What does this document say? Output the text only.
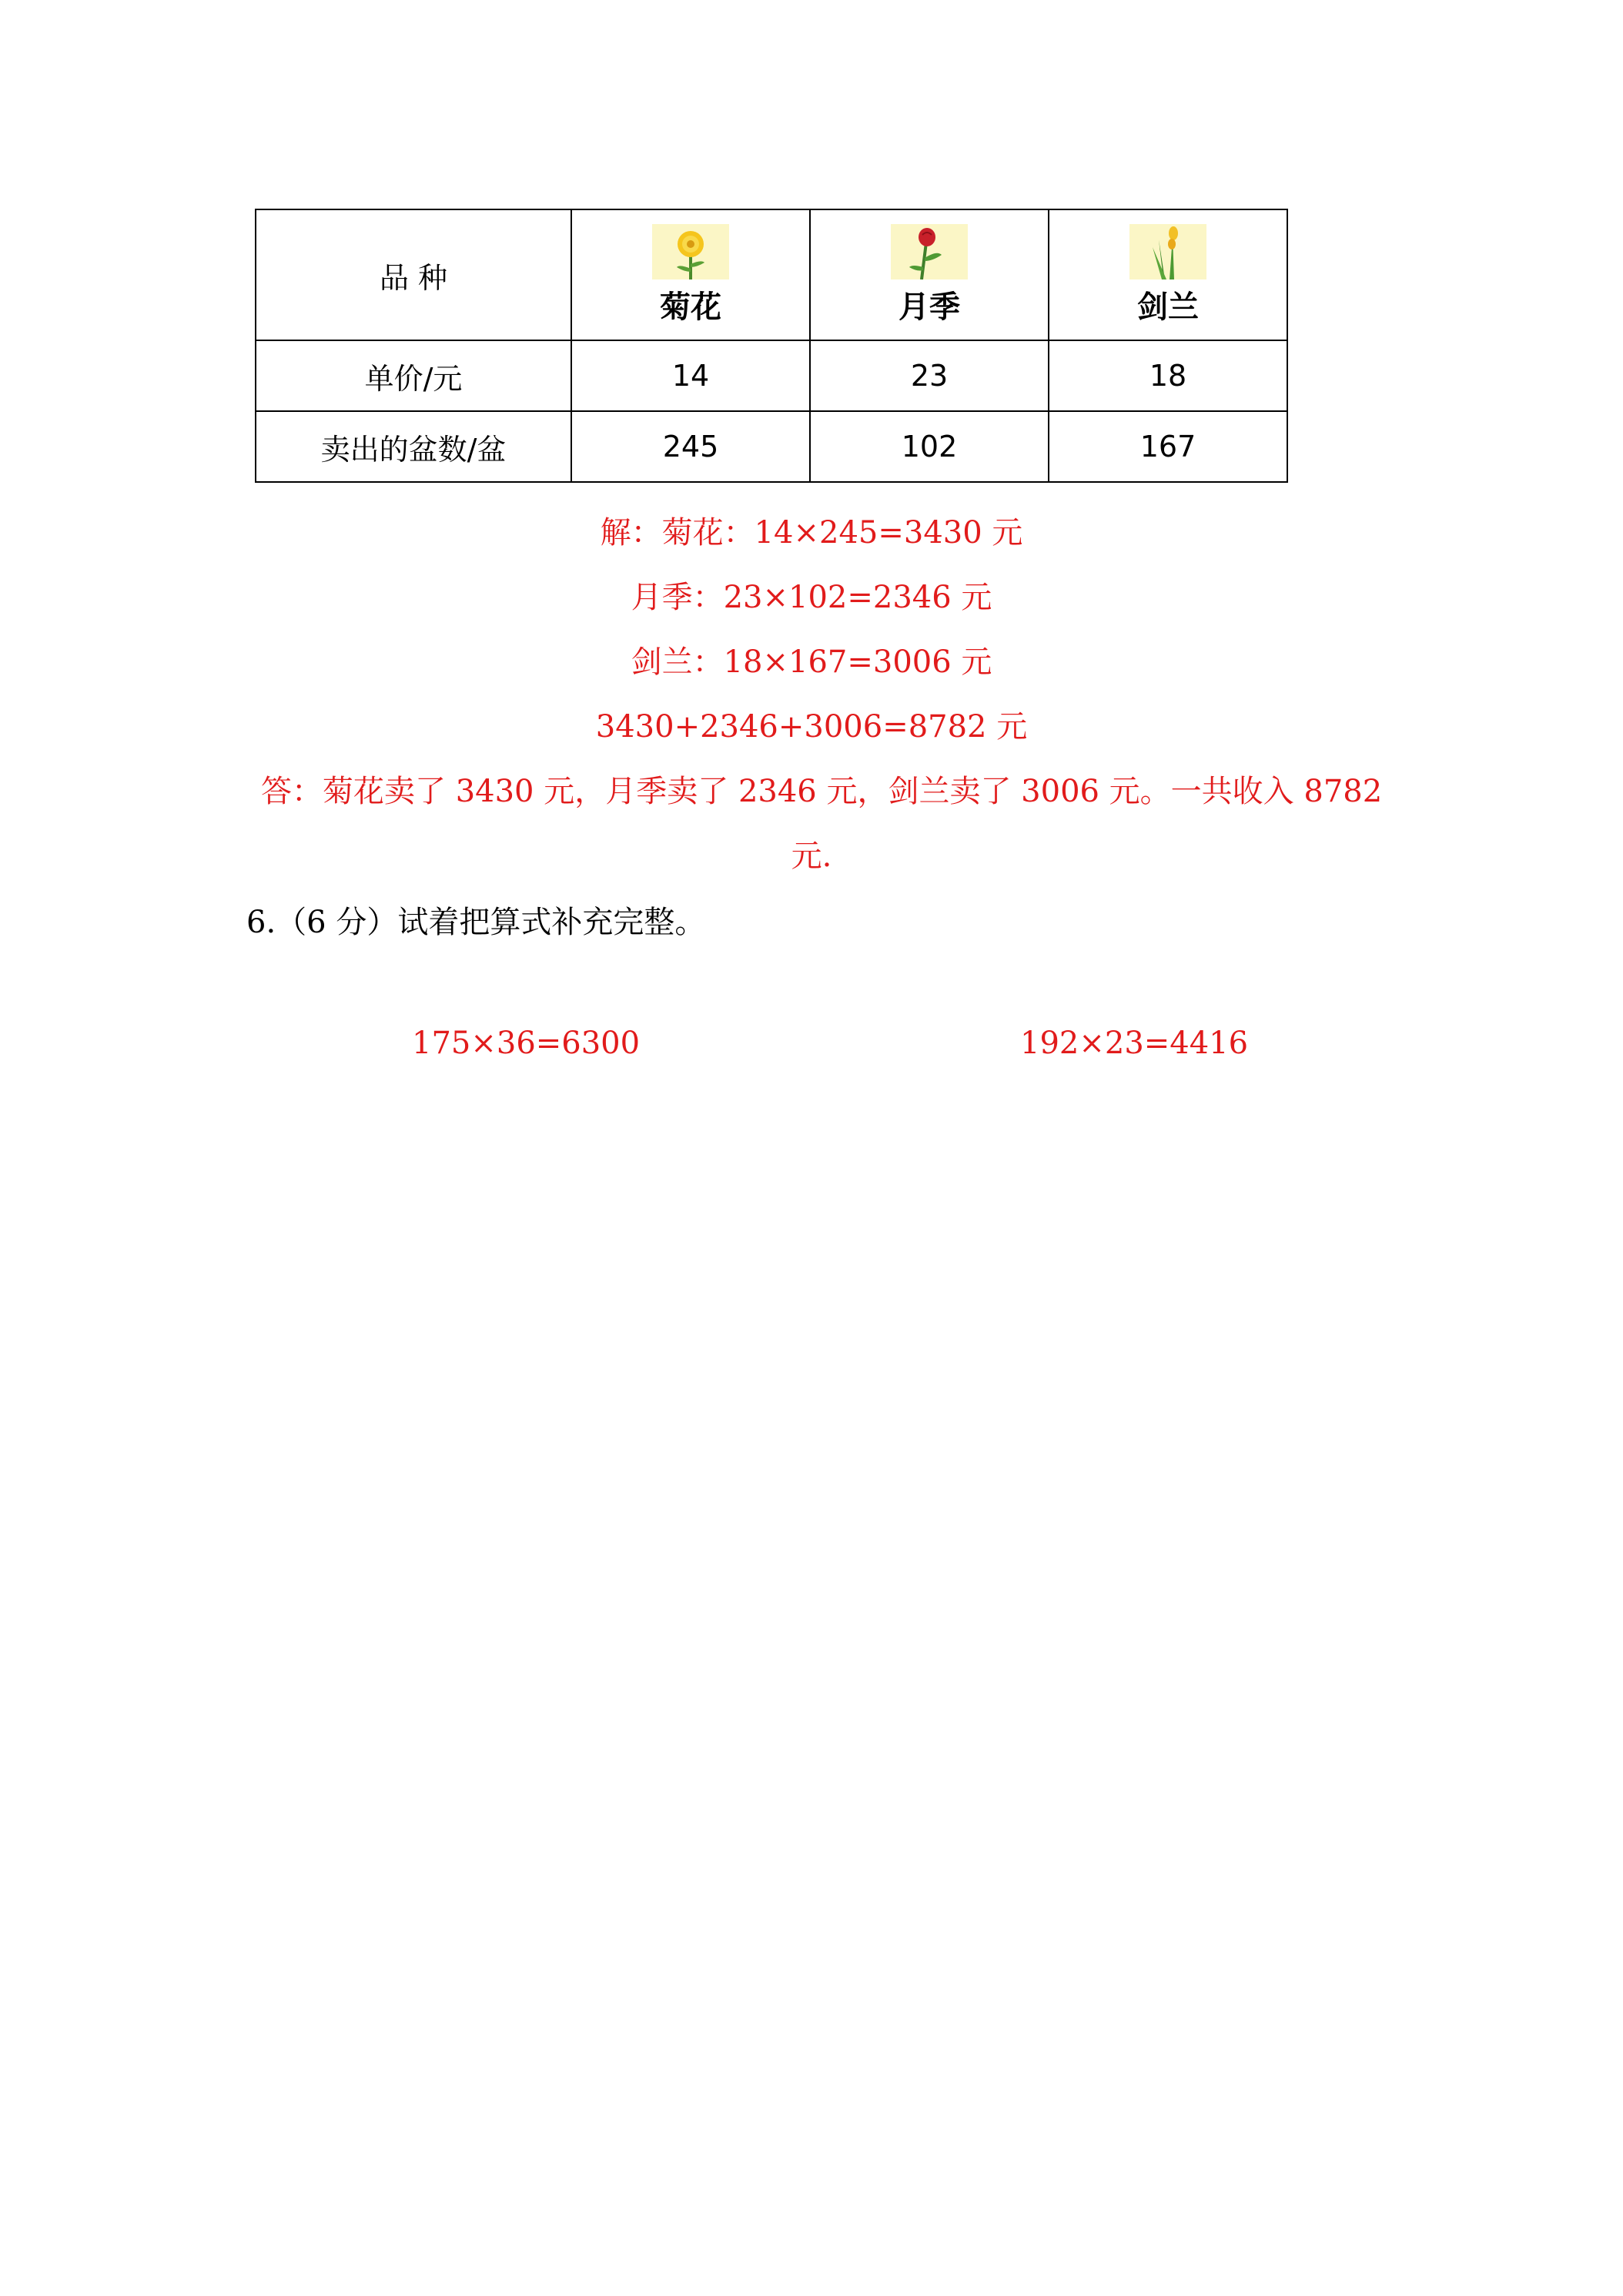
品 种	菊花	月季	剑兰

单价/元	14	23	18
卖出的盆数/盆	245	102	167
解：菊花：14×245=3430 元
月季：23×102=2346 元
剑兰：18×167=3006 元
3430+2346+3006=8782 元
答：菊花卖了 3430 元，月季卖了 2346 元，剑兰卖了 3006 元。一共收入 8782
元.
6.（6 分）试着把算式补充完整。
175×36=6300	192×23=4416
